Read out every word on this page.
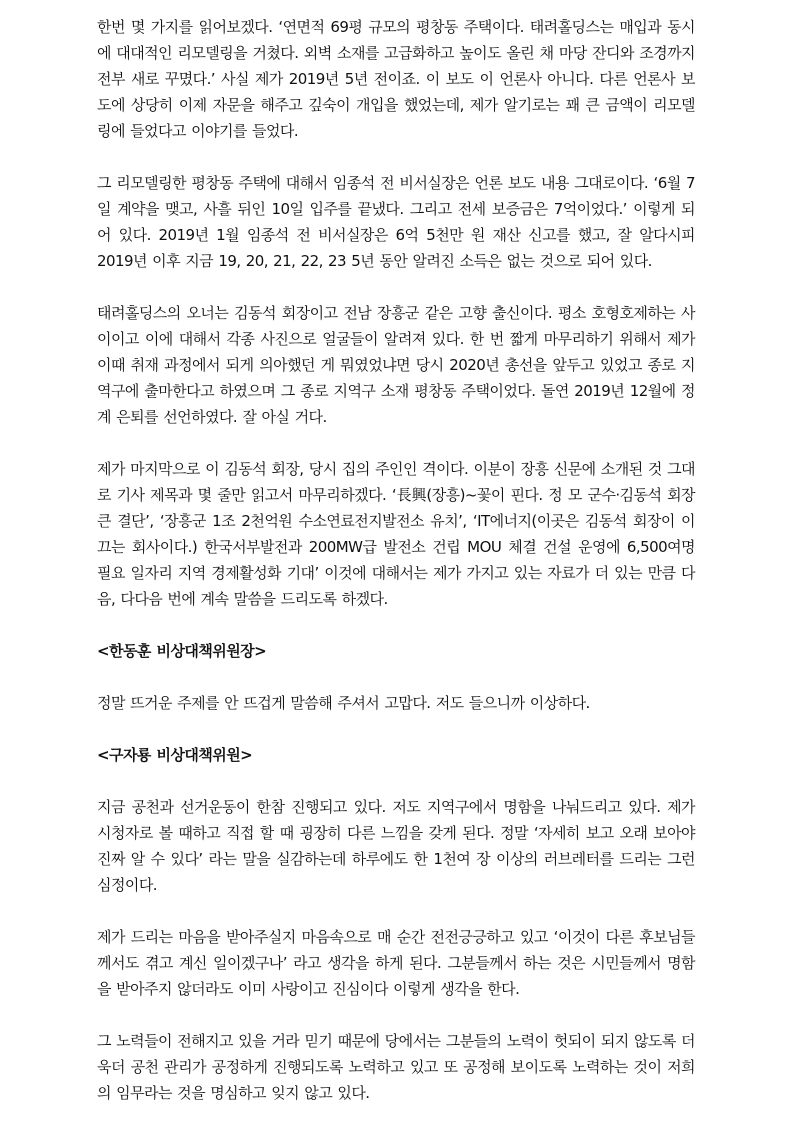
한번 몇 가지를 읽어보겠다. ‘연면적 69평 규모의 평창동 주택이다. 태려홀딩스는 매입과 동시에 대대적인 리모델링을 거쳤다. 외벽 소재를 고급화하고 높이도 올린 채 마당 잔디와 조경까지 전부 새로 꾸몄다.’ 사실 제가 2019년 5년 전이죠. 이 보도 이 언론사 아니다. 다른 언론사 보도에 상당히 이제 자문을 해주고 깊숙이 개입을 했었는데, 제가 알기로는 꽤 큰 금액이 리모델링에 들었다고 이야기를 들었다.

그 리모델링한 평창동 주택에 대해서 임종석 전 비서실장은 언론 보도 내용 그대로이다. ‘6월 7일 계약을 맺고, 사흘 뒤인 10일 입주를 끝냈다. 그리고 전세 보증금은 7억이었다.’ 이렇게 되어 있다. 2019년 1월 임종석 전 비서실장은 6억 5천만 원 재산 신고를 했고, 잘 알다시피 2019년 이후 지금 19, 20, 21, 22, 23 5년 동안 알려진 소득은 없는 것으로 되어 있다.

태려홀딩스의 오너는 김동석 회장이고 전남 장흥군 같은 고향 출신이다. 평소 호형호제하는 사이이고 이에 대해서 각종 사진으로 얼굴들이 알려져 있다. 한 번 짧게 마무리하기 위해서 제가 이때 취재 과정에서 되게 의아했던 게 뭐였었냐면 당시 2020년 총선을 앞두고 있었고 종로 지역구에 출마한다고 하였으며 그 종로 지역구 소재 평창동 주택이었다. 돌연 2019년 12월에 정계 은퇴를 선언하였다. 잘 아실 거다.

제가 마지막으로 이 김동석 회장, 당시 집의 주인인 격이다. 이분이 장흥 신문에 소개된 것 그대로 기사 제목과 몇 줄만 읽고서 마무리하겠다. ‘長興(장흥)~꽃이 핀다. 정 모 군수·김동석 회장 큰 결단’, ‘장흥군 1조 2천억원 수소연료전지발전소 유치’, ‘IT에너지(이곳은 김동석 회장이 이끄는 회사이다.) 한국서부발전과 200MW급 발전소 건립 MOU 체결 건설 운영에 6,500여명 필요 일자리 지역 경제활성화 기대’ 이것에 대해서는 제가 가지고 있는 자료가 더 있는 만큼 다음, 다다음 번에 계속 말씀을 드리도록 하겠다.

<한동훈 비상대책위원장>

정말 뜨거운 주제를 안 뜨겁게 말씀해 주셔서 고맙다. 저도 들으니까 이상하다.

<구자룡 비상대책위원>

지금 공천과 선거운동이 한참 진행되고 있다. 저도 지역구에서 명함을 나눠드리고 있다. 제가 시청자로 볼 때하고 직접 할 때 굉장히 다른 느낌을 갖게 된다. 정말 ‘자세히 보고 오래 보아야 진짜 알 수 있다’ 라는 말을 실감하는데 하루에도 한 1천여 장 이상의 러브레터를 드리는 그런 심정이다.

제가 드리는 마음을 받아주실지 마음속으로 매 순간 전전긍긍하고 있고 ‘이것이 다른 후보님들께서도 겪고 계신 일이겠구나’ 라고 생각을 하게 된다. 그분들께서 하는 것은 시민들께서 명함을 받아주지 않더라도 이미 사랑이고 진심이다 이렇게 생각을 한다.

그 노력들이 전해지고 있을 거라 믿기 때문에 당에서는 그분들의 노력이 헛되이 되지 않도록 더욱더 공천 관리가 공정하게 진행되도록 노력하고 있고 또 공정해 보이도록 노력하는 것이 저희의 임무라는 것을 명심하고 잊지 않고 있다.
